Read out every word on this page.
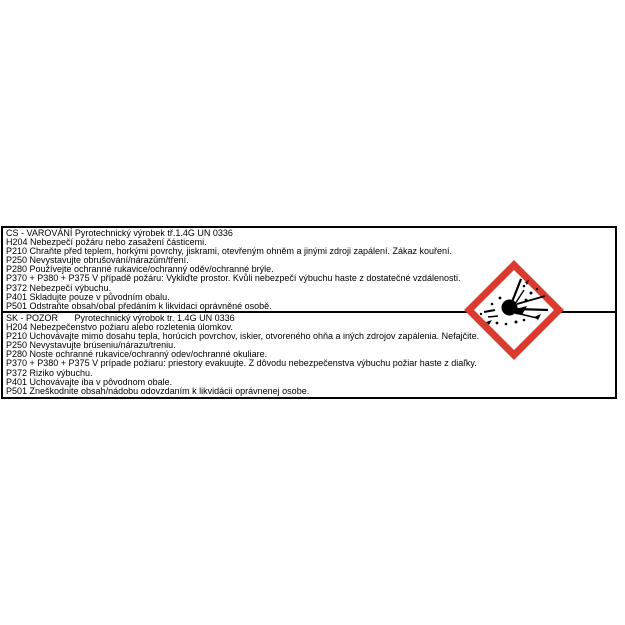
CS - VAROVÁNÍ Pyrotechnický výrobek tř.1.4G UN 0336
H204 Nebezpečí požáru nebo zasažení částicemi.
P210 Chraňte před teplem, horkými povrchy, jiskrami, otevřeným ohněm a jinými zdroji zapálení. Zákaz kouření.
P250 Nevystavujte obrušování/nárazům/tření.
P280 Používejte ochranné rukavice/ochranný oděv/ochranné brýle.
P370 + P380 + P375 V případě požáru: Vykliďte prostor. Kvůli nebezpečí výbuchu haste z dostatečné vzdálenosti.
P372 Nebezpečí výbuchu.
P401 Skladujte pouze v původním obalu.
P501 Odstraňte obsah/obal předáním k likvidaci oprávněné osobě.
SK - POZOR Pyrotechnický výrobok tr. 1.4G UN 0336
H204 Nebezpečenstvo požiaru alebo rozletenia úlomkov.
P210 Uchovávajte mimo dosahu tepla, horúcich povrchov, iskier, otvoreného ohňa a iných zdrojov zapálenia. Nefajčite.
P250 Nevystavujte brúseniu/nárazu/treniu.
P280 Noste ochranné rukavice/ochranný odev/ochranné okuliare.
P370 + P380 + P375 V prípade požiaru: priestory evakuujte. Z dôvodu nebezpečenstva výbuchu požiar haste z diaľky.
P372 Riziko výbuchu.
P401 Uchovávajte iba v pôvodnom obale.
P501 Zneškodnite obsah/nádobu odovzdaním k likvidácii oprávnenej osobe.
